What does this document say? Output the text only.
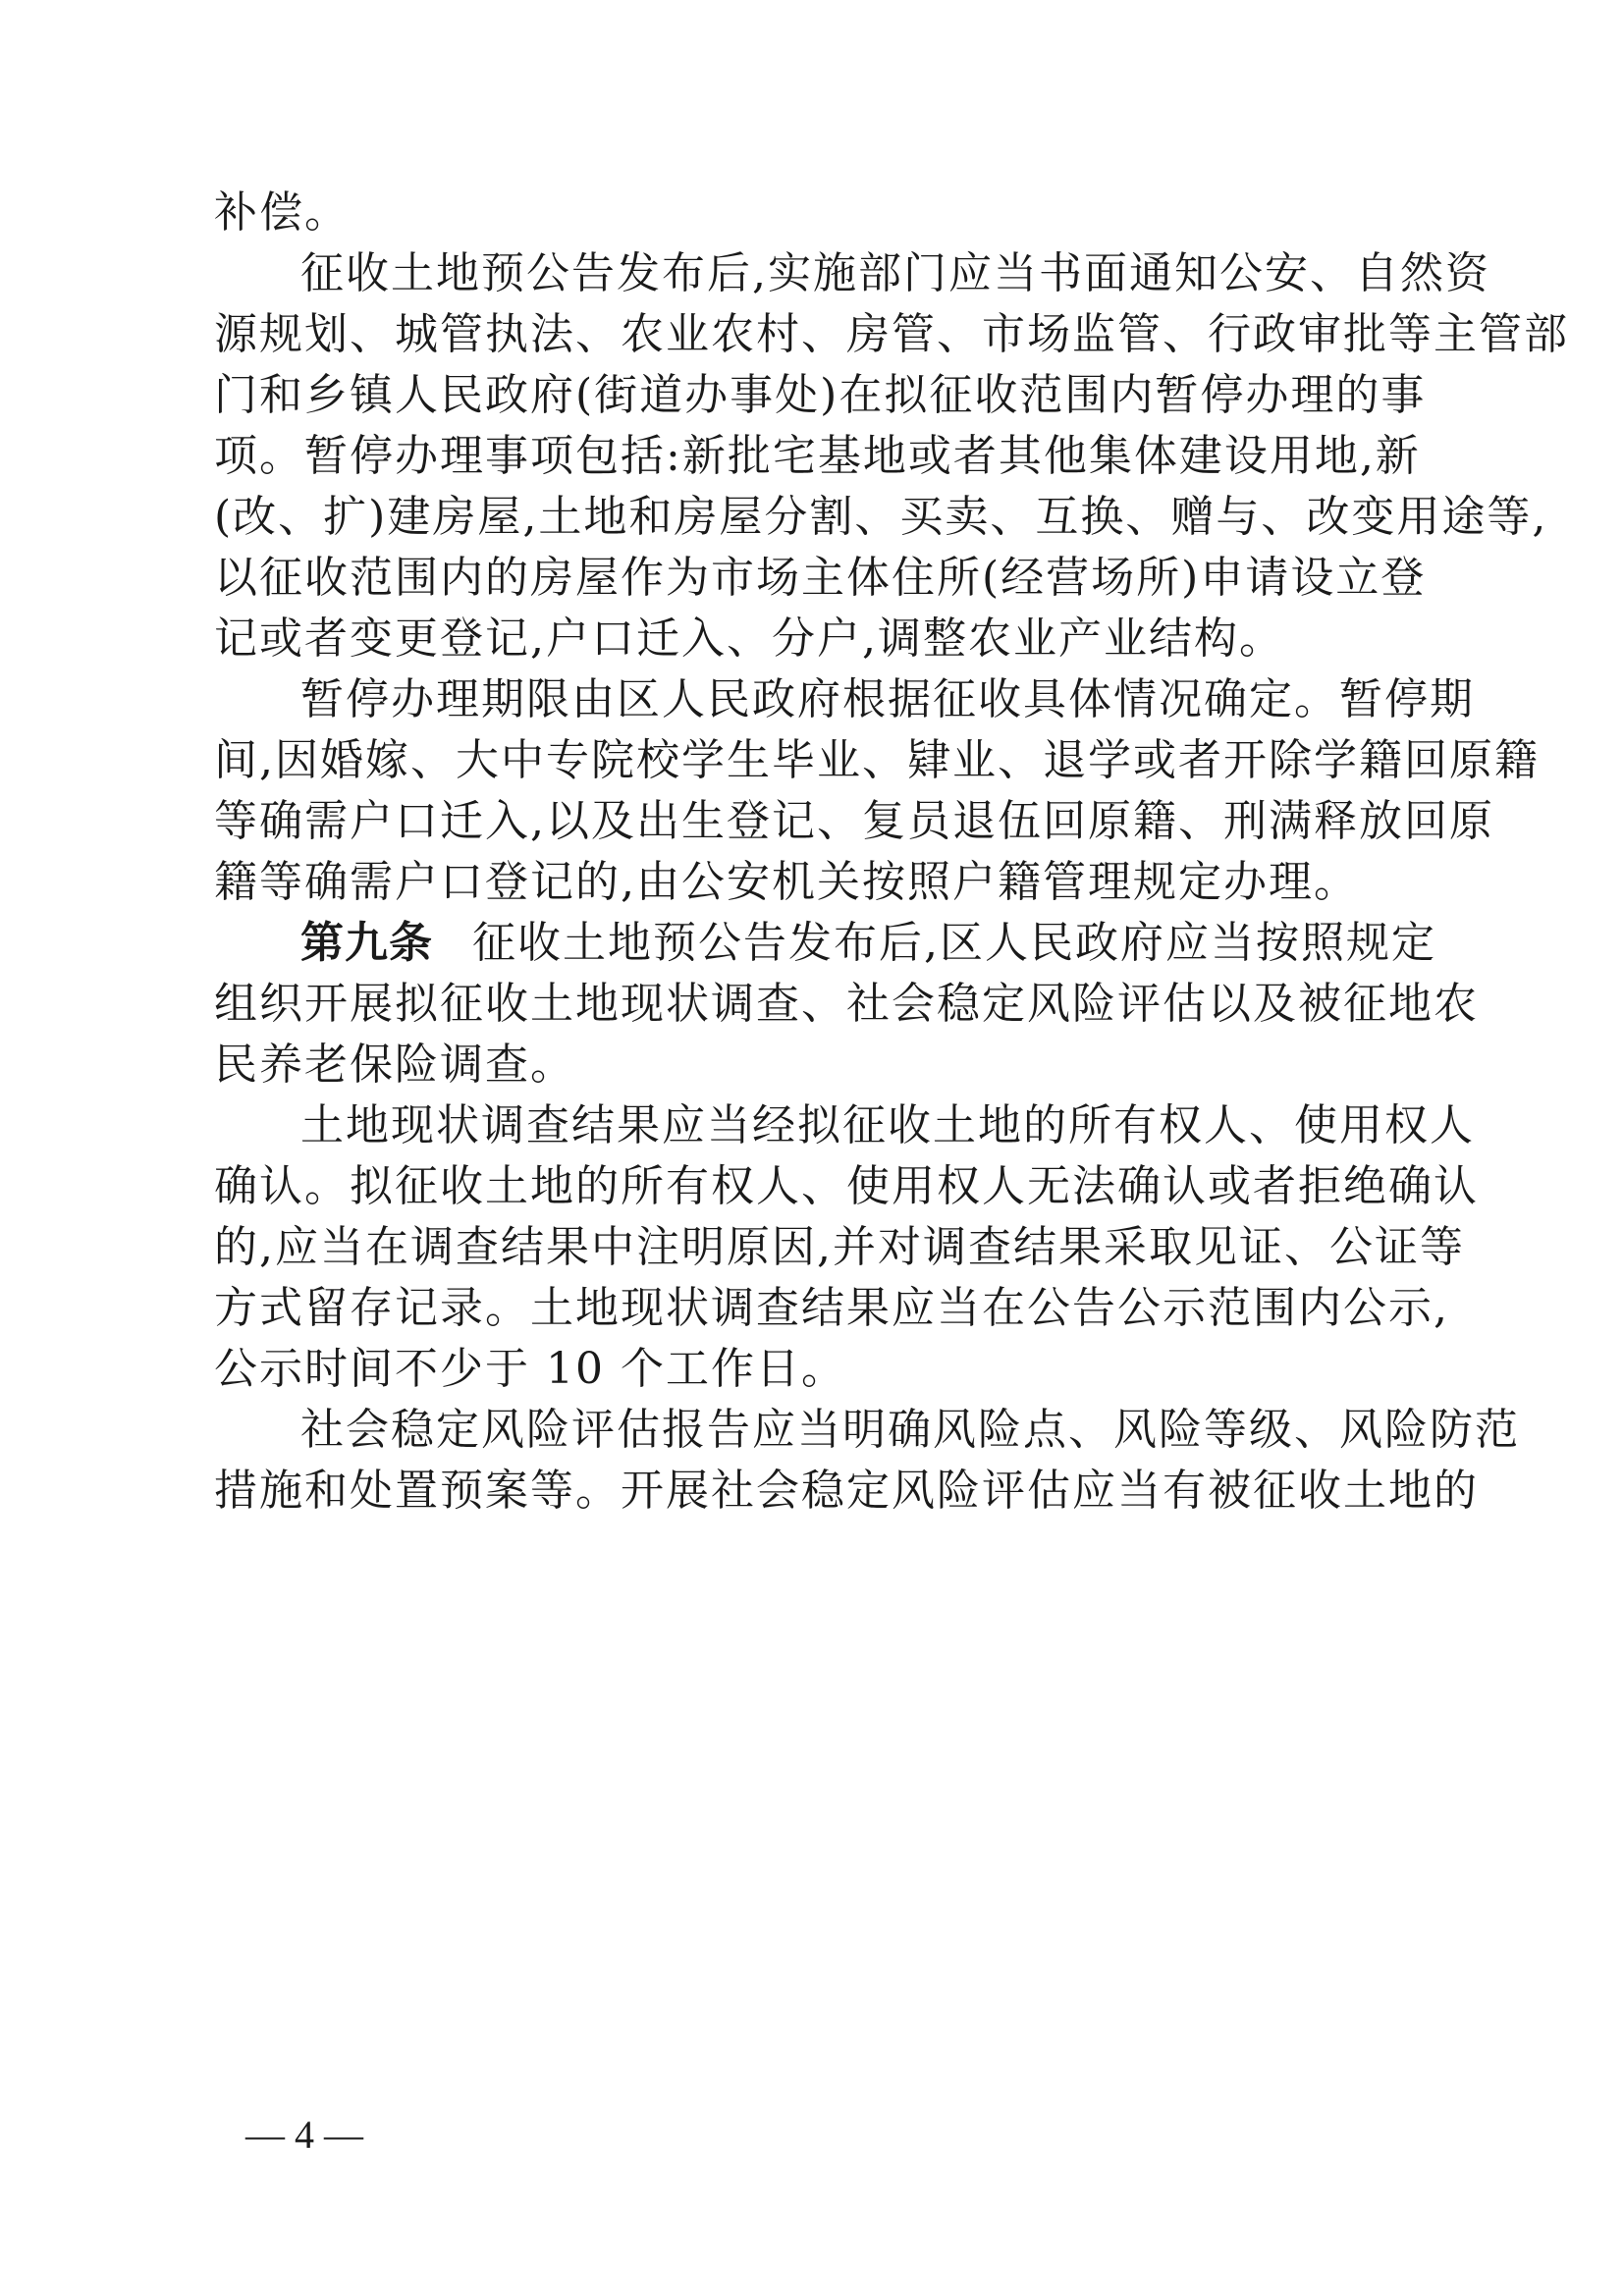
补偿。
征收土地预公告发布后,实施部门应当书面通知公安、自然资
源规划、城管执法、农业农村、房管、市场监管、行政审批等主管部
门和乡镇人民政府(街道办事处)在拟征收范围内暂停办理的事
项。暂停办理事项包括:新批宅基地或者其他集体建设用地,新
(改、扩)建房屋,土地和房屋分割、买卖、互换、赠与、改变用途等,
以征收范围内的房屋作为市场主体住所(经营场所)申请设立登
记或者变更登记,户口迁入、分户,调整农业产业结构。
暂停办理期限由区人民政府根据征收具体情况确定。暂停期
间,因婚嫁、大中专院校学生毕业、肄业、退学或者开除学籍回原籍
等确需户口迁入,以及出生登记、复员退伍回原籍、刑满释放回原
籍等确需户口登记的,由公安机关按照户籍管理规定办理。
第九条 征收土地预公告发布后,区人民政府应当按照规定
组织开展拟征收土地现状调查、社会稳定风险评估以及被征地农
民养老保险调查。
土地现状调查结果应当经拟征收土地的所有权人、使用权人
确认。拟征收土地的所有权人、使用权人无法确认或者拒绝确认
的,应当在调查结果中注明原因,并对调查结果采取见证、公证等
方式留存记录。土地现状调查结果应当在公告公示范围内公示,
公示时间不少于 10 个工作日。
社会稳定风险评估报告应当明确风险点、风险等级、风险防范
措施和处置预案等。开展社会稳定风险评估应当有被征收土地的
— 4 —
